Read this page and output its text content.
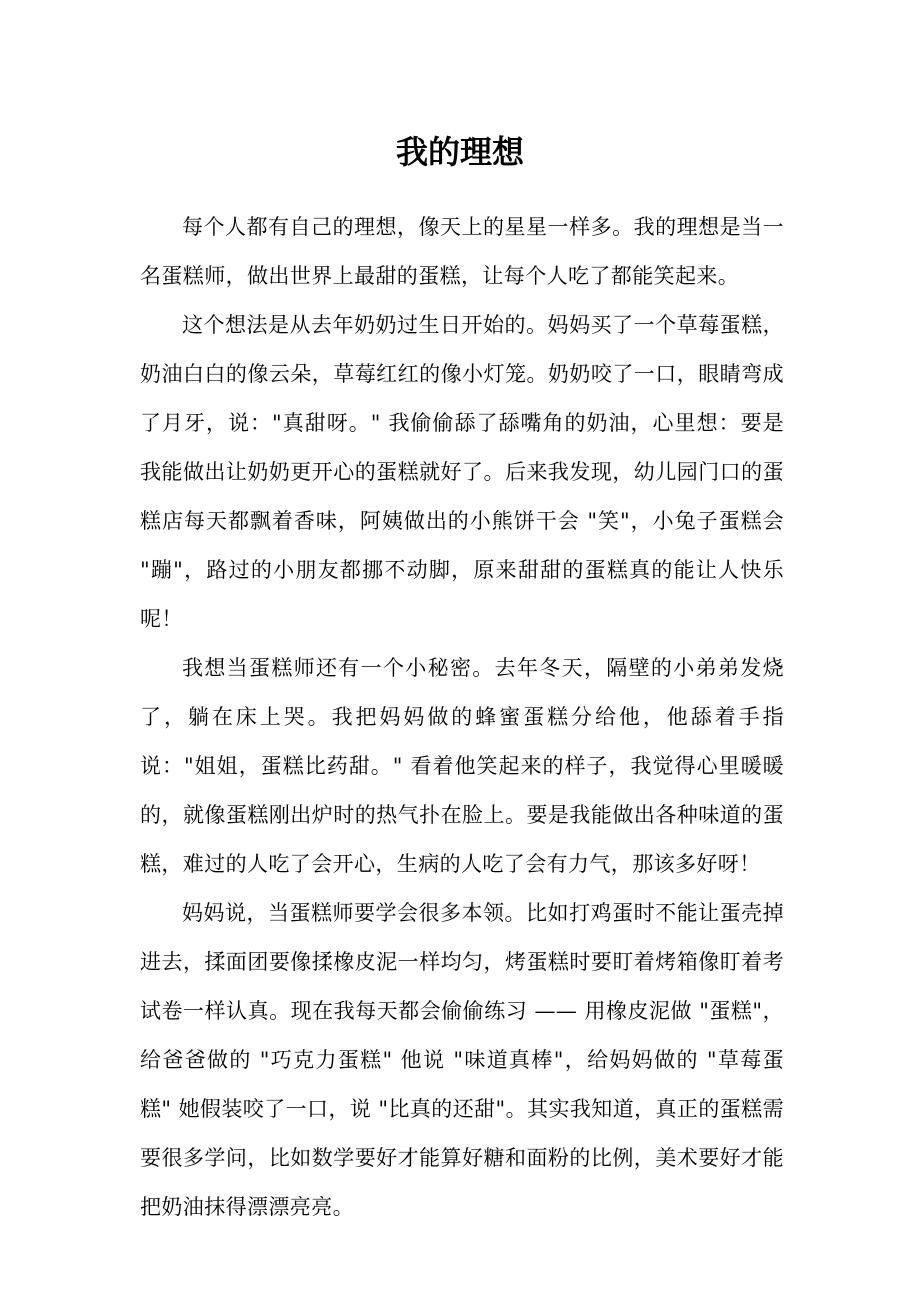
我的理想

每个人都有自己的理想，像天上的星星一样多。我的理想是当一名蛋糕师，做出世界上最甜的蛋糕，让每个人吃了都能笑起来。

这个想法是从去年奶奶过生日开始的。妈妈买了一个草莓蛋糕，奶油白白的像云朵，草莓红红的像小灯笼。奶奶咬了一口，眼睛弯成了月牙，说："真甜呀。" 我偷偷舔了舔嘴角的奶油，心里想：要是我能做出让奶奶更开心的蛋糕就好了。后来我发现，幼儿园门口的蛋糕店每天都飘着香味，阿姨做出的小熊饼干会 "笑"，小兔子蛋糕会 "蹦"，路过的小朋友都挪不动脚，原来甜甜的蛋糕真的能让人快乐呢！

我想当蛋糕师还有一个小秘密。去年冬天，隔壁的小弟弟发烧了，躺在床上哭。我把妈妈做的蜂蜜蛋糕分给他，他舔着手指说："姐姐，蛋糕比药甜。" 看着他笑起来的样子，我觉得心里暖暖的，就像蛋糕刚出炉时的热气扑在脸上。要是我能做出各种味道的蛋糕，难过的人吃了会开心，生病的人吃了会有力气，那该多好呀！

妈妈说，当蛋糕师要学会很多本领。比如打鸡蛋时不能让蛋壳掉进去，揉面团要像揉橡皮泥一样均匀，烤蛋糕时要盯着烤箱像盯着考试卷一样认真。现在我每天都会偷偷练习 —— 用橡皮泥做 "蛋糕"，给爸爸做的 "巧克力蛋糕" 他说 "味道真棒"，给妈妈做的 "草莓蛋糕" 她假装咬了一口，说 "比真的还甜"。其实我知道，真正的蛋糕需要很多学问，比如数学要好才能算好糖和面粉的比例，美术要好才能把奶油抹得漂漂亮亮。
